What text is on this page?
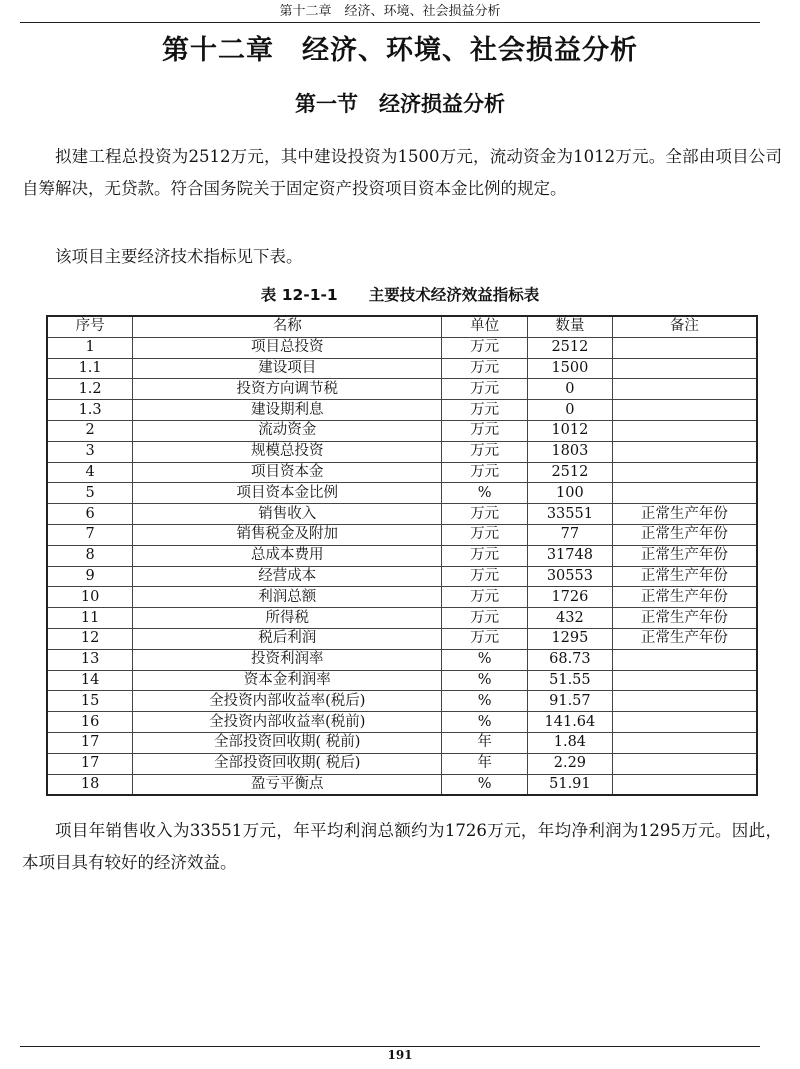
第十二章　经济、环境、社会损益分析
第十二章　经济、环境、社会损益分析
第一节　经济损益分析

拟建工程总投资为2512万元，其中建设投资为1500万元，流动资金为1012万元。全部由项目公司自筹解决，无贷款。符合国务院关于固定资产投资项目资本金比例的规定。

该项目主要经济技术指标见下表。

表 12-1-1　　主要技术经济效益指标表
序号	名称	单位	数量	备注
1	项目总投资	万元	2512	
1.1	建设项目	万元	1500	
1.2	投资方向调节税	万元	0	
1.3	建设期利息	万元	0	
2	流动资金	万元	1012	
3	规模总投资	万元	1803	
4	项目资本金	万元	2512	
5	项目资本金比例	%	100	
6	销售收入	万元	33551	正常生产年份
7	销售税金及附加	万元	77	正常生产年份
8	总成本费用	万元	31748	正常生产年份
9	经营成本	万元	30553	正常生产年份
10	利润总额	万元	1726	正常生产年份
11	所得税	万元	432	正常生产年份
12	税后利润	万元	1295	正常生产年份
13	投资利润率	%	68.73	
14	资本金利润率	%	51.55	
15	全投资内部收益率(税后)	%	91.57	
16	全投资内部收益率(税前)	%	141.64	
17	全部投资回收期( 税前)	年	1.84	
17	全部投资回收期( 税后)	年	2.29	
18	盈亏平衡点	%	51.91	

项目年销售收入为33551万元，年平均利润总额约为1726万元，年均净利润为1295万元。因此，本项目具有较好的经济效益。

191
